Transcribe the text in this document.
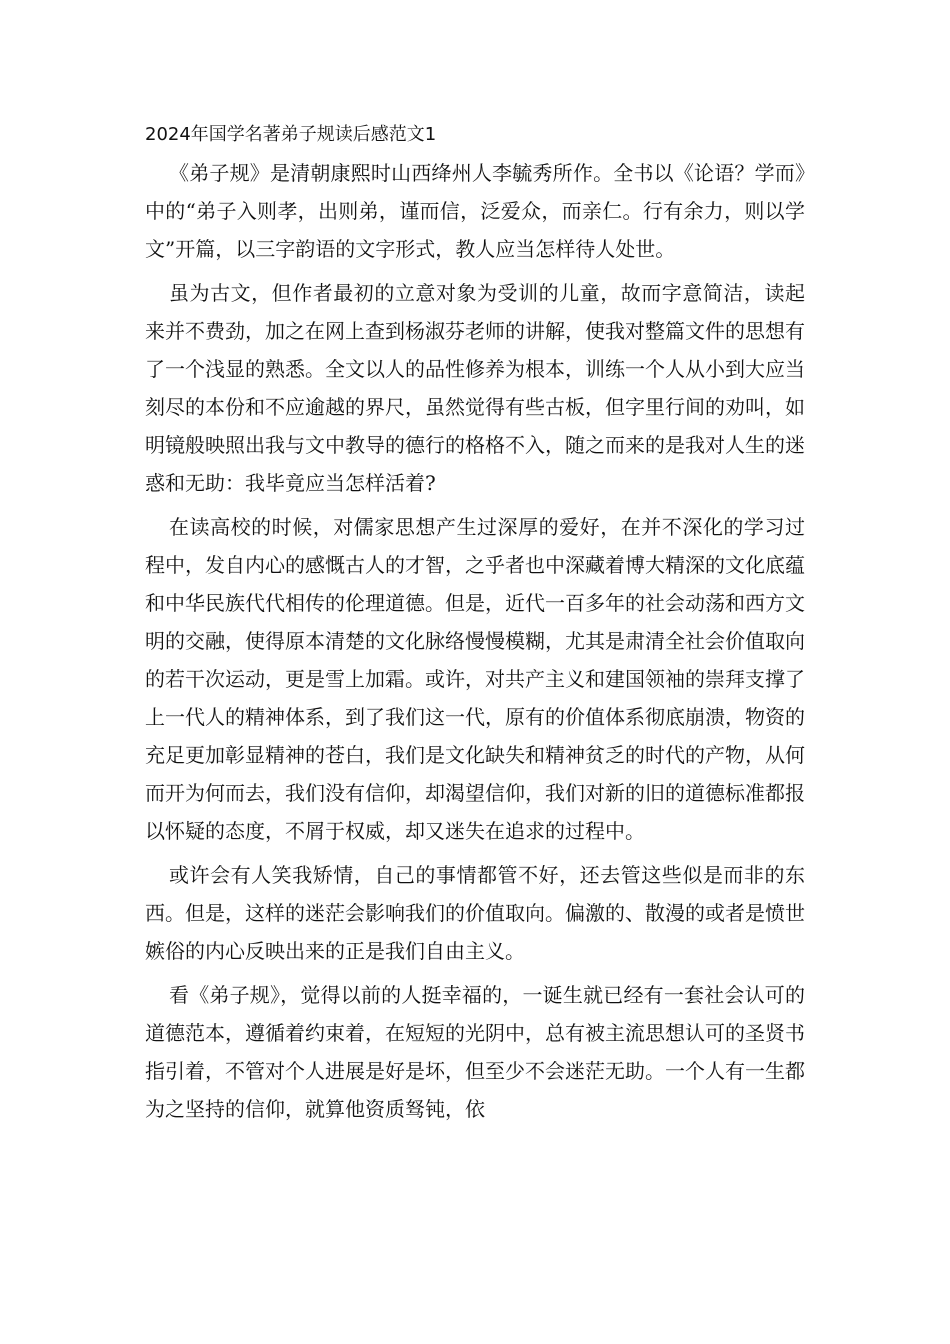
2024年国学名著弟子规读后感范文1

《弟子规》是清朝康熙时山西绛州人李毓秀所作。全书以《论语？学而》中的“弟子入则孝，出则弟，谨而信，泛爱众，而亲仁。行有余力，则以学文”开篇，以三字韵语的文字形式，教人应当怎样待人处世。

虽为古文，但作者最初的立意对象为受训的儿童，故而字意简洁，读起来并不费劲，加之在网上查到杨淑芬老师的讲解，使我对整篇文件的思想有了一个浅显的熟悉。全文以人的品性修养为根本，训练一个人从小到大应当刻尽的本份和不应逾越的界尺，虽然觉得有些古板，但字里行间的劝叫，如明镜般映照出我与文中教导的德行的格格不入，随之而来的是我对人生的迷惑和无助：我毕竟应当怎样活着?

在读高校的时候，对儒家思想产生过深厚的爱好，在并不深化的学习过程中，发自内心的感慨古人的才智，之乎者也中深藏着博大精深的文化底蕴和中华民族代代相传的伦理道德。但是，近代一百多年的社会动荡和西方文明的交融，使得原本清楚的文化脉络慢慢模糊，尤其是肃清全社会价值取向的若干次运动，更是雪上加霜。或许，对共产主义和建国领袖的崇拜支撑了上一代人的精神体系，到了我们这一代，原有的价值体系彻底崩溃，物资的充足更加彰显精神的苍白，我们是文化缺失和精神贫乏的时代的产物，从何而开为何而去，我们没有信仰，却渴望信仰，我们对新的旧的道德标准都报以怀疑的态度，不屑于权威，却又迷失在追求的过程中。

或许会有人笑我矫情，自己的事情都管不好，还去管这些似是而非的东西。但是，这样的迷茫会影响我们的价值取向。偏激的、散漫的或者是愤世嫉俗的内心反映出来的正是我们自由主义。

看《弟子规》，觉得以前的人挺幸福的，一诞生就已经有一套社会认可的道德范本，遵循着约束着，在短短的光阴中，总有被主流思想认可的圣贤书指引着，不管对个人进展是好是坏，但至少不会迷茫无助。一个人有一生都为之坚持的信仰，就算他资质驽钝，依
